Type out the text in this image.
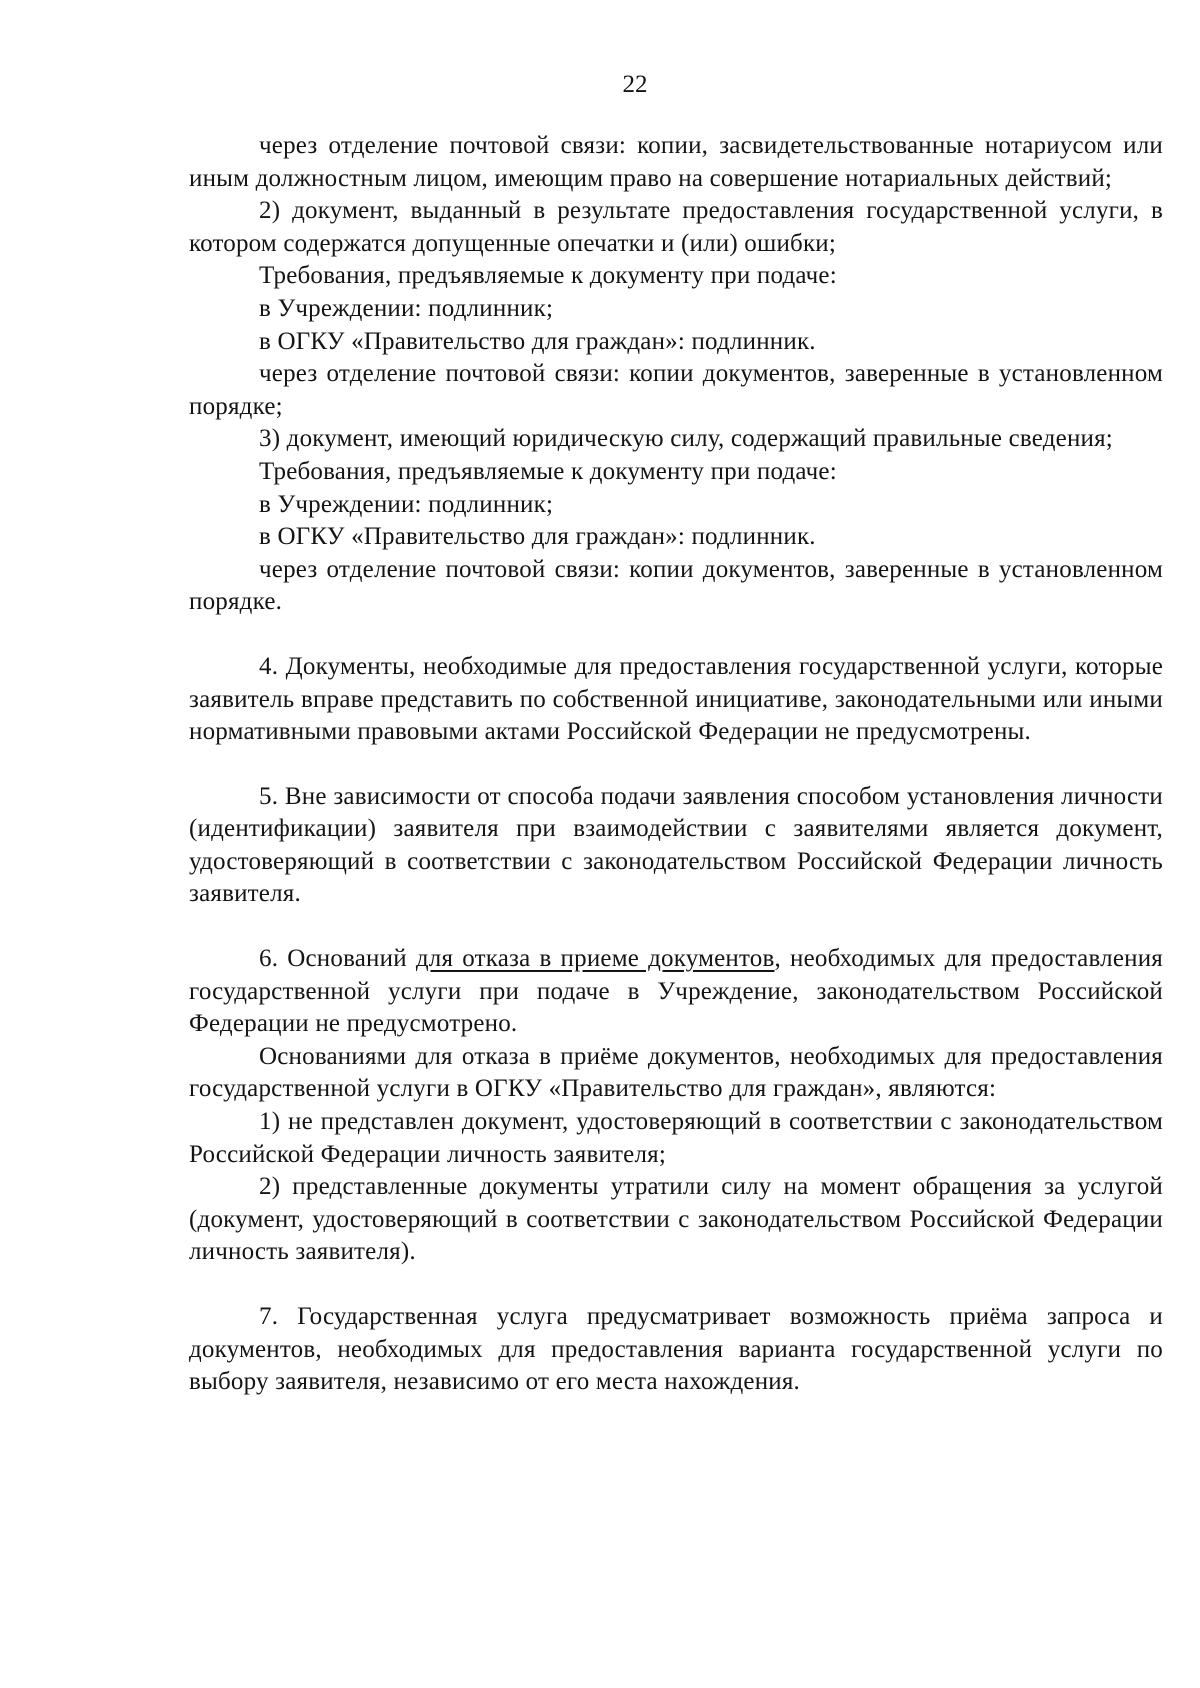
22

через отделение почтовой связи: копии, засвидетельствованные нотариусом или иным должностным лицом, имеющим право на совершение нотариальных действий;

2) документ, выданный в результате предоставления государственной услуги, в котором содержатся допущенные опечатки и (или) ошибки;

Требования, предъявляемые к документу при подаче:

в Учреждении: подлинник;

в ОГКУ «Правительство для граждан»: подлинник.

через отделение почтовой связи: копии документов, заверенные в установленном порядке;

3) документ, имеющий юридическую силу, содержащий правильные сведения;

Требования, предъявляемые к документу при подаче:

в Учреждении: подлинник;

в ОГКУ «Правительство для граждан»: подлинник.

через отделение почтовой связи: копии документов, заверенные в установленном порядке.

4. Документы, необходимые для предоставления государственной услуги, которые заявитель вправе представить по собственной инициативе, законодательными или иными нормативными правовыми актами Российской Федерации не предусмотрены.

5. Вне зависимости от способа подачи заявления способом установления личности (идентификации) заявителя при взаимодействии с заявителями является документ, удостоверяющий в соответствии с законодательством Российской Федерации личность заявителя.

6. Оснований для отказа в приеме документов, необходимых для предоставления государственной услуги при подаче в Учреждение, законодательством Российской Федерации не предусмотрено.

Основаниями для отказа в приёме документов, необходимых для предоставления государственной услуги в ОГКУ «Правительство для граждан», являются:

1) не представлен документ, удостоверяющий в соответствии с законодательством Российской Федерации личность заявителя;

2) представленные документы утратили силу на момент обращения за услугой (документ, удостоверяющий в соответствии с законодательством Российской Федерации личность заявителя).

7. Государственная услуга предусматривает возможность приёма запроса и документов, необходимых для предоставления варианта государственной услуги по выбору заявителя, независимо от его места нахождения.
